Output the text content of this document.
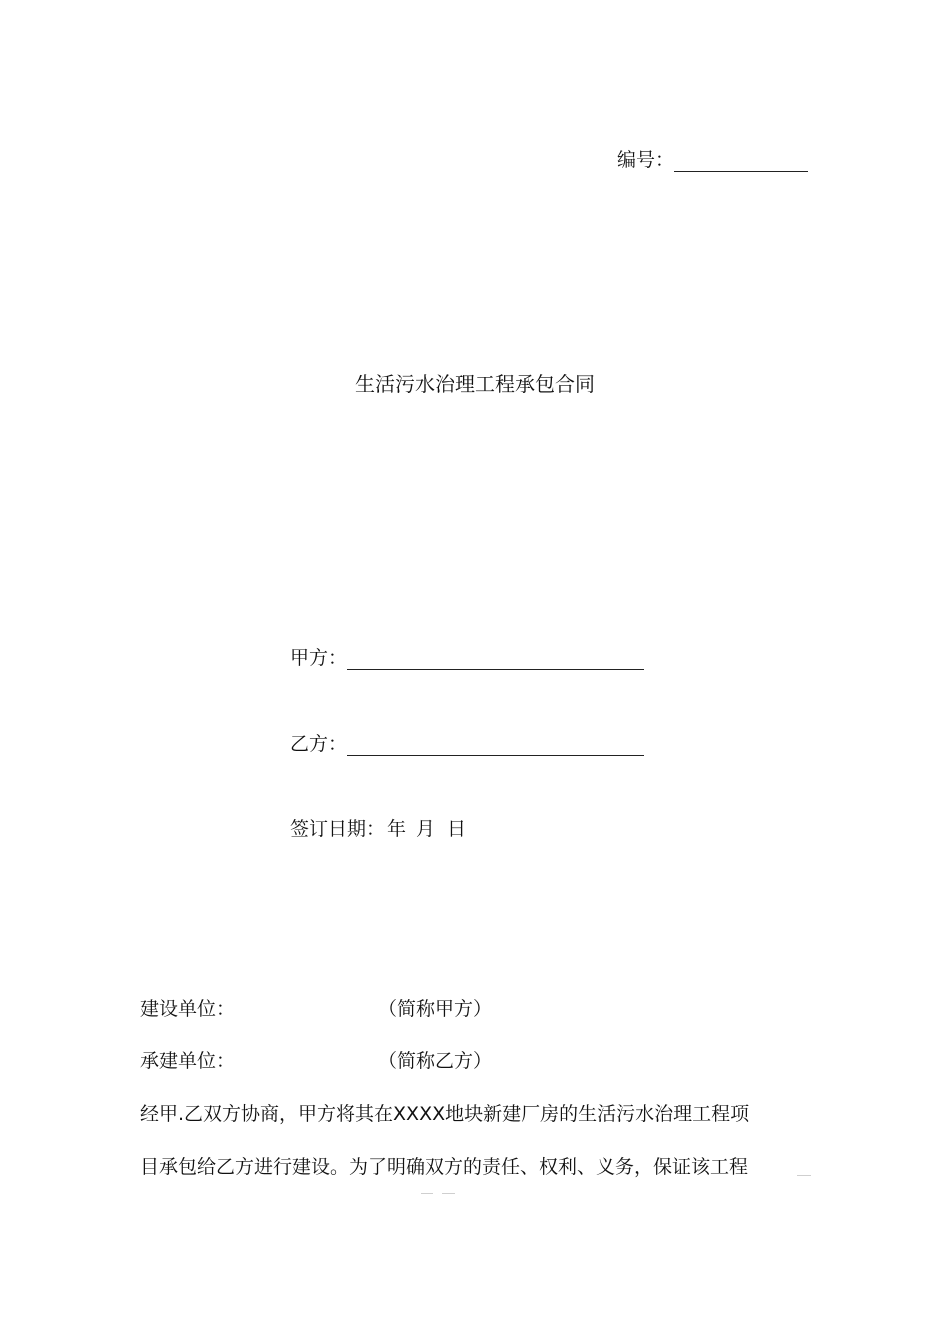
编号：
生活污水治理工程承包合同
甲方：
乙方：
签订日期： 年 月 日
建设单位：	（简称甲方）
承建单位：	（简称乙方）
经甲.乙双方协商，甲方将其在XXXX地块新建厂房的生活污水治理工程项
目承包给乙方进行建设。为了明确双方的责任、权利、义务，保证该工程
